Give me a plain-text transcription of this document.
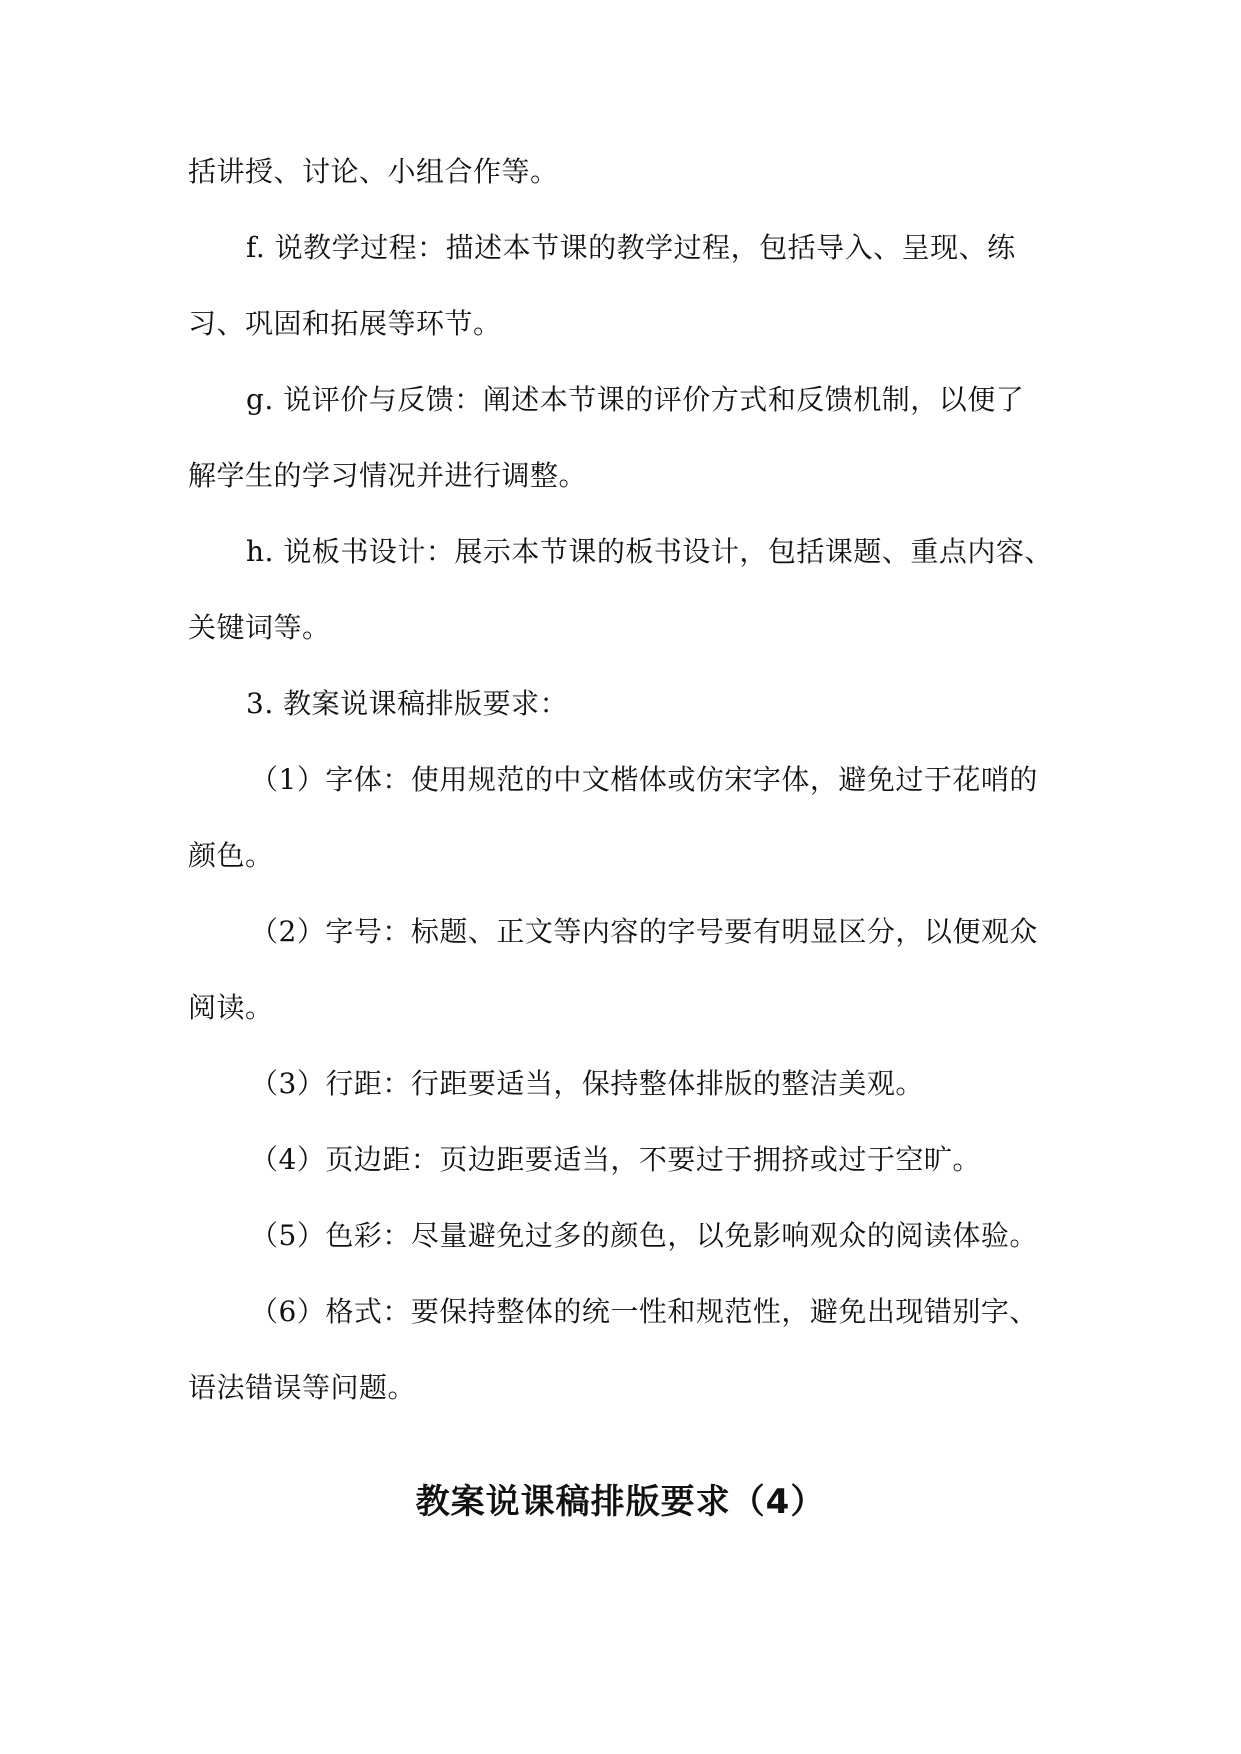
括讲授、讨论、小组合作等。
f. 说教学过程：描述本节课的教学过程，包括导入、呈现、练
习、巩固和拓展等环节。
g. 说评价与反馈：阐述本节课的评价方式和反馈机制，以便了
解学生的学习情况并进行调整。
h. 说板书设计：展示本节课的板书设计，包括课题、重点内容、
关键词等。
3. 教案说课稿排版要求：
（1）字体：使用规范的中文楷体或仿宋字体，避免过于花哨的
颜色。
（2）字号：标题、正文等内容的字号要有明显区分，以便观众
阅读。
（3）行距：行距要适当，保持整体排版的整洁美观。
（4）页边距：页边距要适当，不要过于拥挤或过于空旷。
（5）色彩：尽量避免过多的颜色，以免影响观众的阅读体验。
（6）格式：要保持整体的统一性和规范性，避免出现错别字、
语法错误等问题。
教案说课稿排版要求（4）
